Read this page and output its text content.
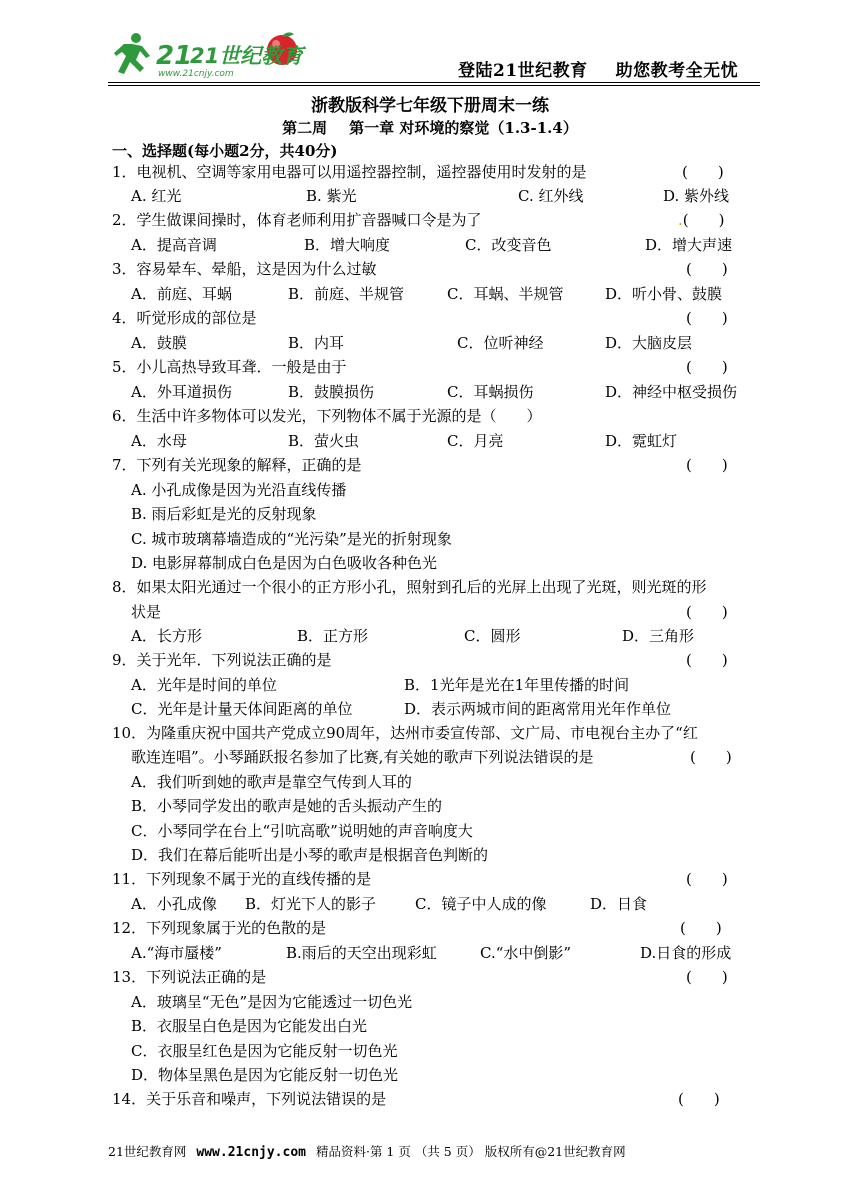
21
21世纪教育
www.21cnjy.com	登陆21世纪教育 助您教考全无忧
浙教版科学七年级下册周末一练
第二周 第一章 对环境的察觉（1.3-1.4）
一、选择题(每小题2分，共40分)
1．电视机、空调等家用电器可以用遥控器控制，遥控器使用时发射的是	(　　)
A. 红光	B. 紫光	C. 红外线	D. 紫外线
2．学生做课间操时，体育老师利用扩音器喊口令是为了	.(　　)
A．提高音调	B．增大响度	C．改变音色	D．增大声速
3．容易晕车、晕船，这是因为什么过敏	(　　)
A．前庭、耳蜗	B．前庭、半规管	C．耳蜗、半规管	D．听小骨、鼓膜
4．听觉形成的部位是	(　　)
A．鼓膜	B．内耳	C．位听神经	D．大脑皮层
5．小儿高热导致耳聋．一般是由于	(　　)
A．外耳道损伤	B．鼓膜损伤	C．耳蜗损伤	D．神经中枢受损伤
6．生活中许多物体可以发光，下列物体不属于光源的是（　　）
A．水母	B．萤火虫	C．月亮	D．霓虹灯
7．下列有关光现象的解释，正确的是	(　　)
A. 小孔成像是因为光沿直线传播
B. 雨后彩虹是光的反射现象
C. 城市玻璃幕墙造成的“光污染”是光的折射现象
D. 电影屏幕制成白色是因为白色吸收各种色光
8．如果太阳光通过一个很小的正方形小孔，照射到孔后的光屏上出现了光斑，则光斑的形
状是	(　　)
A．长方形	B．正方形	C．圆形	D．三角形
9．关于光年．下列说法正确的是	(　　)
A．光年是时间的单位	B．1光年是光在1年里传播的时间
C．光年是计量天体间距离的单位	D．表示两城市间的距离常用光年作单位
10．为隆重庆祝中国共产党成立90周年，达州市委宣传部、文广局、市电视台主办了“红
歌连连唱”。小琴踊跃报名参加了比赛,有关她的歌声下列说法错误的是	(　　)
A．我们听到她的歌声是靠空气传到人耳的
B．小琴同学发出的歌声是她的舌头振动产生的
C．小琴同学在台上“引吭高歌”说明她的声音响度大
D．我们在幕后能听出是小琴的歌声是根据音色判断的
11．下列现象不属于光的直线传播的是	(　　)
A．小孔成像 B．灯光下人的影子	C．镜子中人成的像	D．日食
12．下列现象属于光的色散的是	(　　)
A.“海市蜃楼”	B.雨后的天空出现彩虹	C.“水中倒影”	D.日食的形成
13．下列说法正确的是	(　　)
A．玻璃呈“无色”是因为它能透过一切色光
B．衣服呈白色是因为它能发出白光
C．衣服呈红色是因为它能反射一切色光
D．物体呈黑色是因为它能反射一切色光
14．关于乐音和噪声，下列说法错误的是	(　　)
21世纪教育网 www.21cnjy.com 精品资料·第 1 页 （共 5 页） 版权所有@21世纪教育网
